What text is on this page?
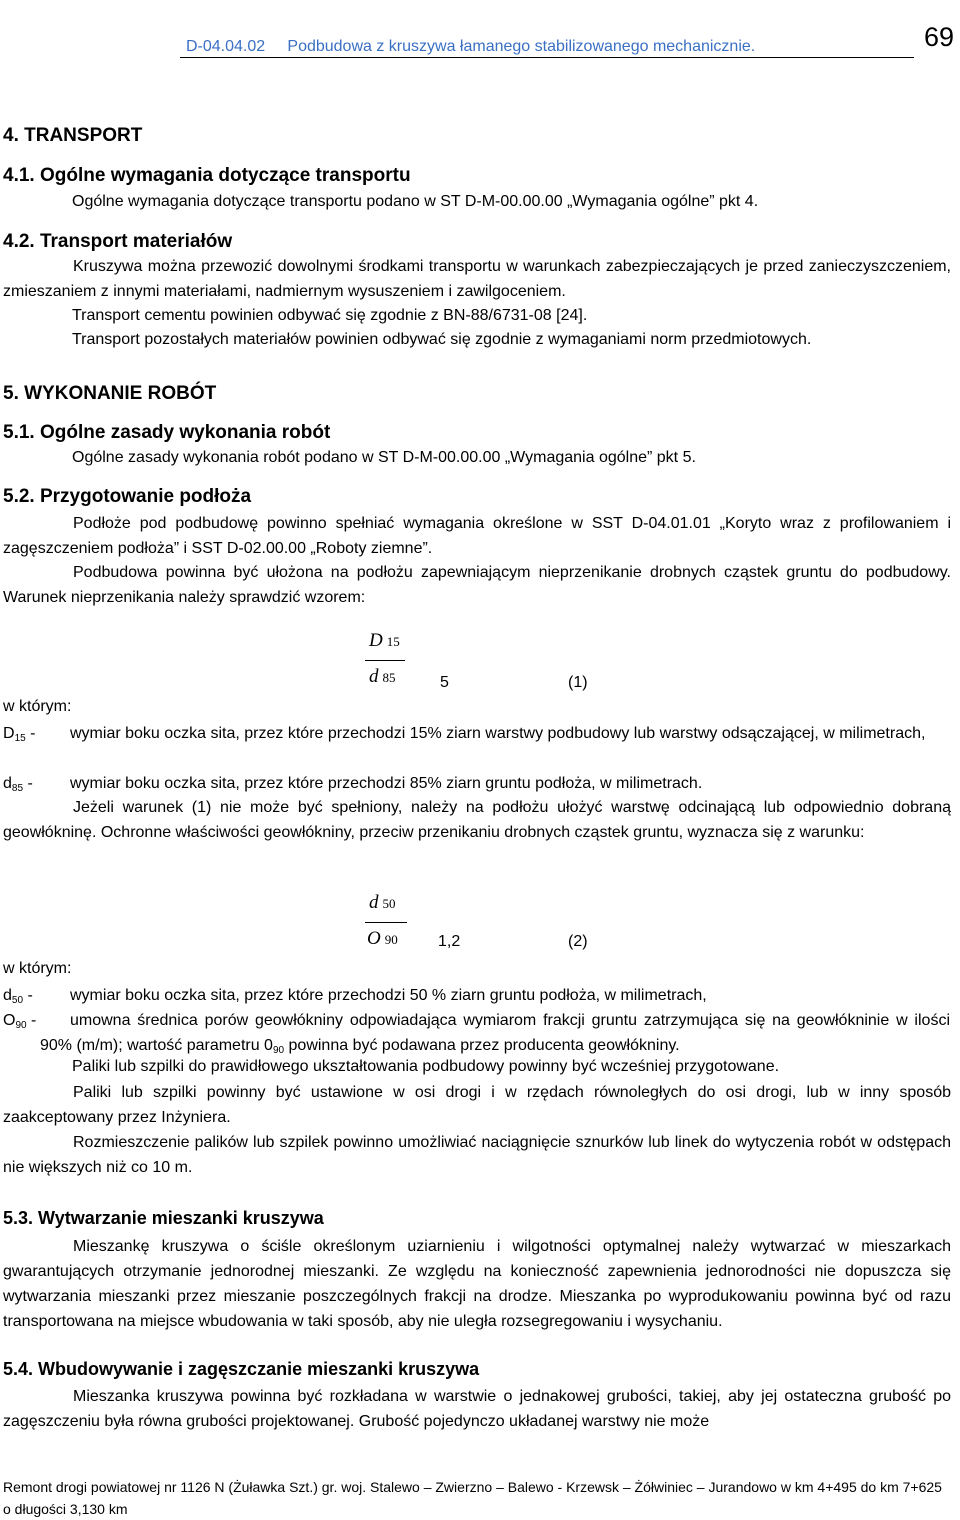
D-04.04.02     Podbudowa z kruszywa łamanego stabilizowanego mechanicznie.	69
4. TRANSPORT
4.1. Ogólne wymagania dotyczące transportu
Ogólne wymagania dotyczące transportu podano w ST D-M-00.00.00 „Wymagania ogólne” pkt 4.
4.2. Transport materiałów
Kruszywa można przewozić dowolnymi środkami transportu w warunkach zabezpieczających je przed zanieczyszczeniem, zmieszaniem z innymi materiałami, nadmiernym wysuszeniem i zawilgoceniem.
Transport cementu powinien odbywać się zgodnie z BN-88/6731-08 [24].
Transport pozostałych materiałów powinien odbywać się zgodnie z wymaganiami norm przedmiotowych.
5. WYKONANIE ROBÓT
5.1. Ogólne zasady wykonania robót
Ogólne zasady wykonania robót podano w ST D-M-00.00.00 „Wymagania ogólne” pkt 5.
5.2. Przygotowanie podłoża
Podłoże pod podbudowę powinno spełniać wymagania określone w SST D-04.01.01 „Koryto wraz z profilowaniem i zagęszczeniem podłoża” i SST D-02.00.00 „Roboty ziemne”.
Podbudowa powinna być ułożona na podłożu zapewniającym nieprzenikanie drobnych cząstek gruntu do podbudowy. Warunek nieprzenikania należy sprawdzić wzorem:
D 15
d 85	5	(1)
w którym:
$D_{15}$ -	wymiar boku oczka sita, przez które przechodzi 15% ziarn warstwy podbudowy lub warstwy odsączającej, w milimetrach,
$d_{85}$ -	wymiar boku oczka sita, przez które przechodzi 85% ziarn gruntu podłoża, w milimetrach.
Jeżeli warunek (1) nie może być spełniony, należy na podłożu ułożyć warstwę odcinającą lub odpowiednio dobraną geowłókninę. Ochronne właściwości geowłókniny, przeciw przenikaniu drobnych cząstek gruntu, wyznacza się z warunku:
d 50
O 90	1,2	(2)
w którym:
$d_{50}$ -	wymiar boku oczka sita, przez które przechodzi 50 % ziarn gruntu podłoża, w milimetrach,
$O_{90}$ -	umowna średnica porów geowłókniny odpowiadająca wymiarom frakcji gruntu zatrzymująca się na geowłókninie w ilości 90% (m/m); wartość parametru $0_{90}$ powinna być podawana przez producenta geowłókniny.
Paliki lub szpilki do prawidłowego ukształtowania podbudowy powinny być wcześniej przygotowane.
Paliki lub szpilki powinny być ustawione w osi drogi i w rzędach równoległych do osi drogi, lub w inny sposób zaakceptowany przez Inżyniera.
Rozmieszczenie palików lub szpilek powinno umożliwiać naciągnięcie sznurków lub linek do wytyczenia robót w odstępach nie większych niż co 10 m.
5.3. Wytwarzanie mieszanki kruszywa
Mieszankę kruszywa o ściśle określonym uziarnieniu i wilgotności optymalnej należy wytwarzać w mieszarkach gwarantujących otrzymanie jednorodnej mieszanki. Ze względu na konieczność zapewnienia jednorodności nie dopuszcza się wytwarzania mieszanki przez mieszanie poszczególnych frakcji na drodze. Mieszanka po wyprodukowaniu powinna być od razu transportowana na miejsce wbudowania w taki sposób, aby nie uległa rozsegregowaniu i wysychaniu.
5.4. Wbudowywanie i zagęszczanie mieszanki kruszywa
Mieszanka kruszywa powinna być rozkładana w warstwie o jednakowej grubości, takiej, aby jej ostateczna grubość po zagęszczeniu była równa grubości projektowanej. Grubość pojedynczo układanej warstwy nie może
Remont drogi powiatowej nr 1126 N (Żuławka Szt.) gr. woj. Stalewo – Zwierzno – Balewo - Krzewsk – Żółwiniec – Jurandowo w km 4+495 do km 7+625 o długości 3,130 km
